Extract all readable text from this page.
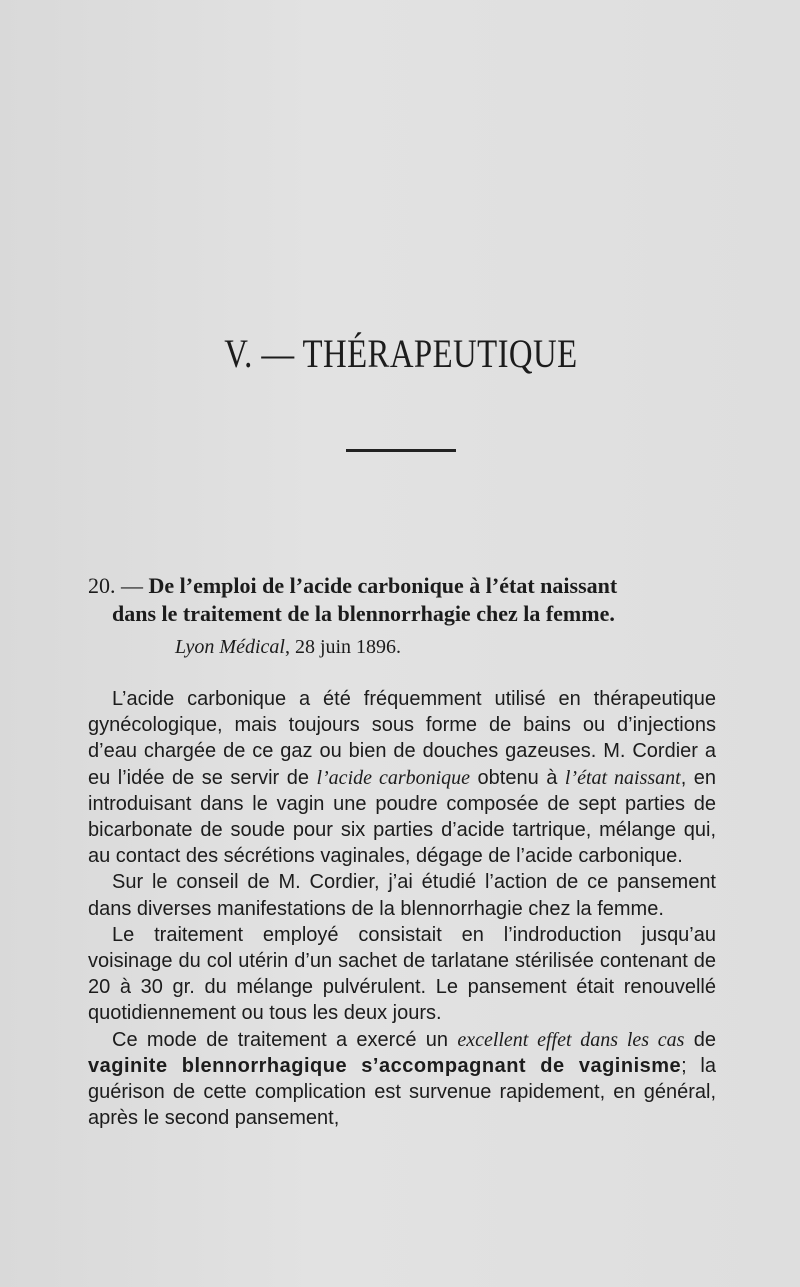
V. — THÉRAPEUTIQUE
20. — De l’emploi de l’acide carbonique à l’état naissant
dans le traitement de la blennorrhagie chez la femme.
Lyon Médical, 28 juin 1896.

L’acide carbonique a été fréquemment utilisé en thérapeutique gynécologique, mais toujours sous forme de bains ou d’injections d’eau chargée de ce gaz ou bien de douches gazeuses. M. Cordier a eu l’idée de se servir de l’acide carbonique obtenu à l’état naissant, en introduisant dans le vagin une poudre composée de sept parties de bicarbonate de soude pour six parties d’acide tartrique, mélange qui, au contact des sécrétions vaginales, dégage de l’acide carbonique.

Sur le conseil de M. Cordier, j’ai étudié l’action de ce pansement dans diverses manifestations de la blennorrhagie chez la femme.

Le traitement employé consistait en l’indroduction jusqu’au voisinage du col utérin d’un sachet de tarlatane stérilisée contenant de 20 à 30 gr. du mélange pulvérulent. Le pansement était renouvellé quotidiennement ou tous les deux jours.

Ce mode de traitement a exercé un excellent effet dans les cas de vaginite blennorrhagique s’accompagnant de vaginisme; la guérison de cette complication est survenue rapidement, en général, après le second pansement,
